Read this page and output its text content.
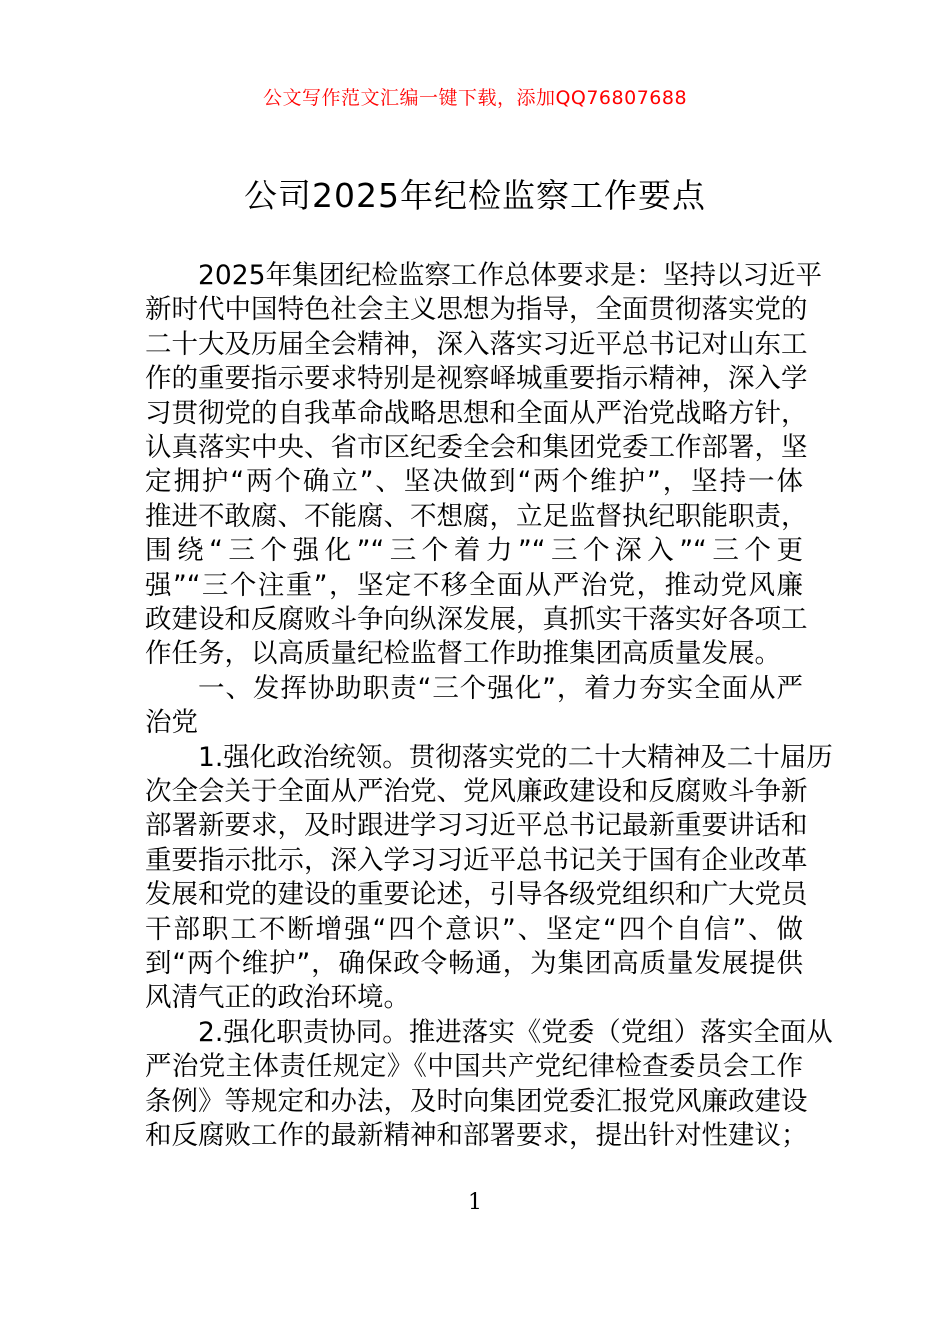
公文写作范文汇编一键下载，添加QQ76807688
公司2025年纪检监察工作要点
2025年集团纪检监察工作总体要求是：坚持以习近平
新时代中国特色社会主义思想为指导，全面贯彻落实党的
二十大及历届全会精神，深入落实习近平总书记对山东工
作的重要指示要求特别是视察峄城重要指示精神，深入学
习贯彻党的自我革命战略思想和全面从严治党战略方针，
认真落实中央、省市区纪委全会和集团党委工作部署，坚
定拥护“两个确立”、坚决做到“两个维护”，坚持一体
推进不敢腐、不能腐、不想腐，立足监督执纪职能职责，
围绕“三个强化”“三个着力”“三个深入”“三个更
强”“三个注重”，坚定不移全面从严治党，推动党风廉
政建设和反腐败斗争向纵深发展，真抓实干落实好各项工
作任务，以高质量纪检监督工作助推集团高质量发展。
一、发挥协助职责“三个强化”，着力夯实全面从严
治党
1.强化政治统领。贯彻落实党的二十大精神及二十届历
次全会关于全面从严治党、党风廉政建设和反腐败斗争新
部署新要求，及时跟进学习习近平总书记最新重要讲话和
重要指示批示，深入学习习近平总书记关于国有企业改革
发展和党的建设的重要论述，引导各级党组织和广大党员
干部职工不断增强“四个意识”、坚定“四个自信”、做
到“两个维护”，确保政令畅通，为集团高质量发展提供
风清气正的政治环境。
2.强化职责协同。推进落实《党委（党组）落实全面从
严治党主体责任规定》《中国共产党纪律检查委员会工作
条例》等规定和办法，及时向集团党委汇报党风廉政建设
和反腐败工作的最新精神和部署要求，提出针对性建议；
1
